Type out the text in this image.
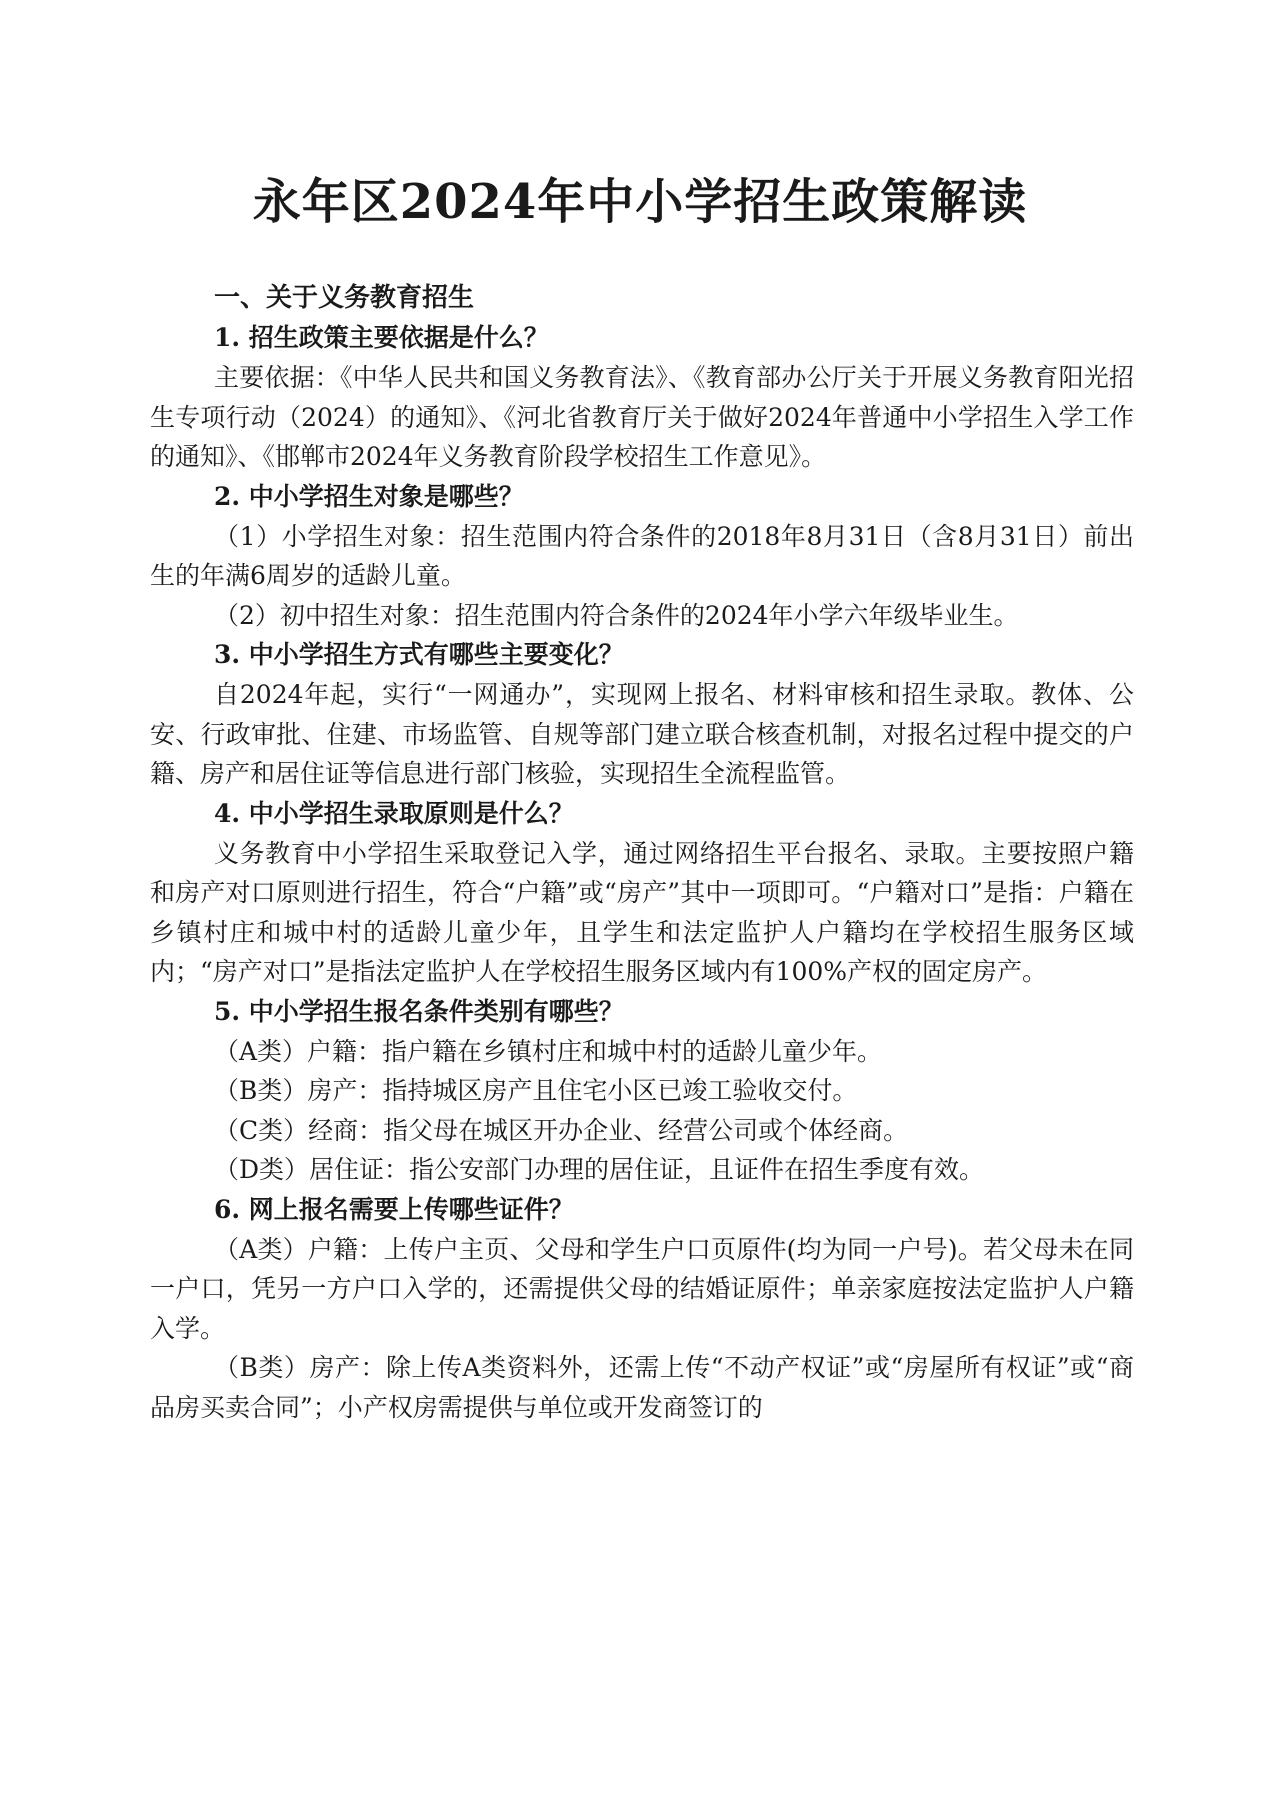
永年区2024年中小学招生政策解读

一、关于义务教育招生

1. 招生政策主要依据是什么？

主要依据：《中华人民共和国义务教育法》、《教育部办公厅关于开展义务教育阳光招生专项行动（2024）的通知》、《河北省教育厅关于做好2024年普通中小学招生入学工作的通知》、《邯郸市2024年义务教育阶段学校招生工作意见》。

2. 中小学招生对象是哪些？

（1）小学招生对象：招生范围内符合条件的2018年8月31日（含8月31日）前出生的年满6周岁的适龄儿童。

（2）初中招生对象：招生范围内符合条件的2024年小学六年级毕业生。

3. 中小学招生方式有哪些主要变化？

自2024年起，实行“一网通办”，实现网上报名、材料审核和招生录取。教体、公安、行政审批、住建、市场监管、自规等部门建立联合核查机制，对报名过程中提交的户籍、房产和居住证等信息进行部门核验，实现招生全流程监管。

4. 中小学招生录取原则是什么？

义务教育中小学招生采取登记入学，通过网络招生平台报名、录取。主要按照户籍和房产对口原则进行招生，符合“户籍”或“房产”其中一项即可。“户籍对口”是指：户籍在乡镇村庄和城中村的适龄儿童少年，且学生和法定监护人户籍均在学校招生服务区域内；“房产对口”是指法定监护人在学校招生服务区域内有100%产权的固定房产。

5. 中小学招生报名条件类别有哪些？

（A类）户籍：指户籍在乡镇村庄和城中村的适龄儿童少年。

（B类）房产：指持城区房产且住宅小区已竣工验收交付。

（C类）经商：指父母在城区开办企业、经营公司或个体经商。

（D类）居住证：指公安部门办理的居住证，且证件在招生季度有效。

6. 网上报名需要上传哪些证件？

（A类）户籍：上传户主页、父母和学生户口页原件(均为同一户号)。若父母未在同一户口，凭另一方户口入学的，还需提供父母的结婚证原件；单亲家庭按法定监护人户籍入学。

（B类）房产：除上传A类资料外，还需上传“不动产权证”或“房屋所有权证”或“商品房买卖合同”；小产权房需提供与单位或开发商签订的
